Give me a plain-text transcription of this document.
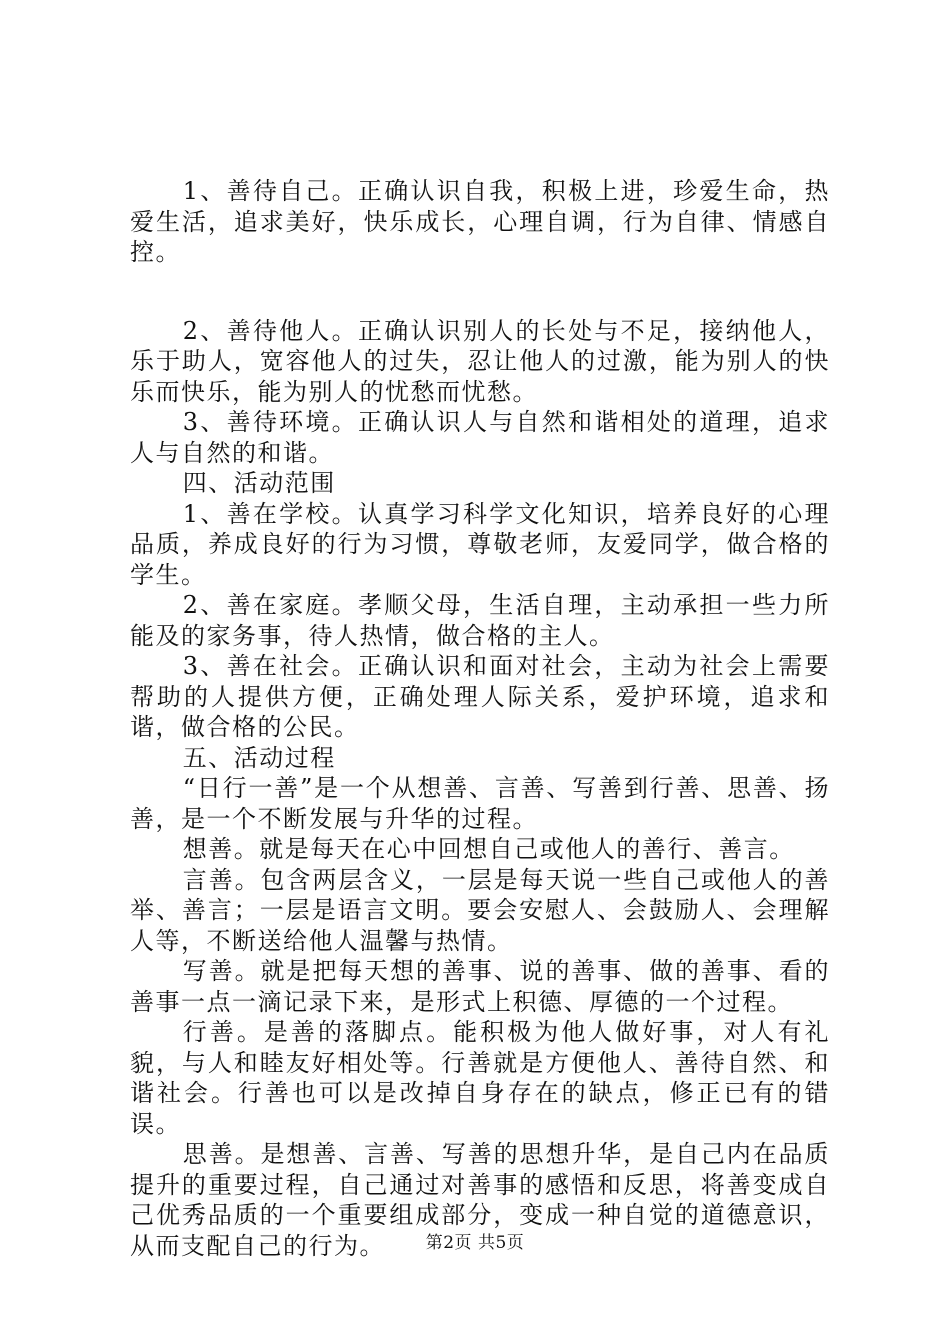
1、善待自己。正确认识自我，积极上进，珍爱生命，热爱生活，追求美好，快乐成长，心理自调，行为自律、情感自控。

2、善待他人。正确认识别人的长处与不足，接纳他人，乐于助人，宽容他人的过失，忍让他人的过激，能为别人的快乐而快乐，能为别人的忧愁而忧愁。

3、善待环境。正确认识人与自然和谐相处的道理，追求人与自然的和谐。

四、活动范围

1、善在学校。认真学习科学文化知识，培养良好的心理品质，养成良好的行为习惯，尊敬老师，友爱同学，做合格的学生。

2、善在家庭。孝顺父母，生活自理，主动承担一些力所能及的家务事，待人热情，做合格的主人。

3、善在社会。正确认识和面对社会，主动为社会上需要帮助的人提供方便，正确处理人际关系，爱护环境，追求和谐，做合格的公民。

五、活动过程

“日行一善”是一个从想善、言善、写善到行善、思善、扬善，是一个不断发展与升华的过程。

想善。就是每天在心中回想自己或他人的善行、善言。

言善。包含两层含义，一层是每天说一些自己或他人的善举、善言；一层是语言文明。要会安慰人、会鼓励人、会理解人等，不断送给他人温馨与热情。

写善。就是把每天想的善事、说的善事、做的善事、看的善事一点一滴记录下来，是形式上积德、厚德的一个过程。

行善。是善的落脚点。能积极为他人做好事，对人有礼貌，与人和睦友好相处等。行善就是方便他人、善待自然、和谐社会。行善也可以是改掉自身存在的缺点，修正已有的错误。

思善。是想善、言善、写善的思想升华，是自己内在品质提升的重要过程，自己通过对善事的感悟和反思，将善变成自己优秀品质的一个重要组成部分，变成一种自觉的道德意识，从而支配自己的行为。	第2页 共5页
